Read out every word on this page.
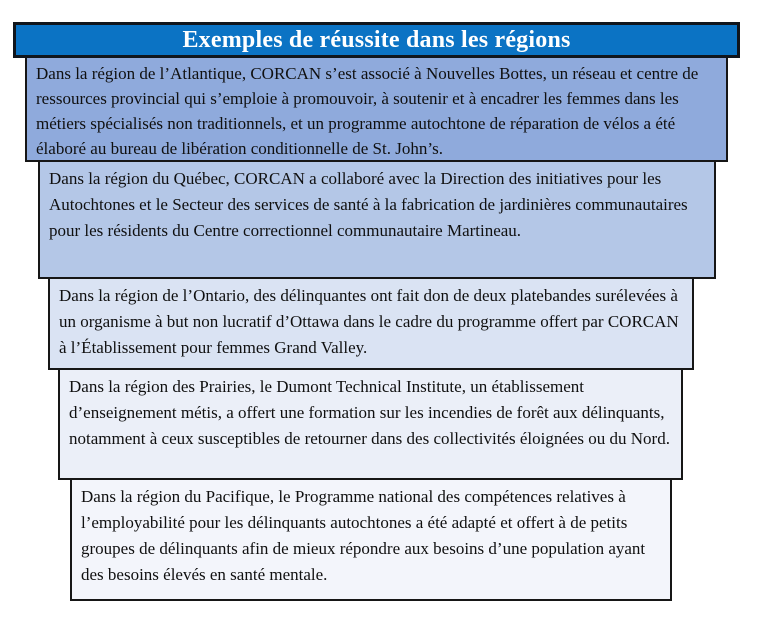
Exemples de réussite dans les régions
Dans la région de l’Atlantique, CORCAN s’est associé à Nouvelles Bottes, un réseau et centre de ressources provincial qui s’emploie à promouvoir, à soutenir et à encadrer les femmes dans les métiers spécialisés non traditionnels, et un programme autochtone de réparation de vélos a été élaboré au bureau de libération conditionnelle de St. John’s.
Dans la région du Québec, CORCAN a collaboré avec la Direction des initiatives pour les Autochtones et le Secteur des services de santé à la fabrication de jardinières communautaires pour les résidents du Centre correctionnel communautaire Martineau.
Dans la région de l’Ontario, des délinquantes ont fait don de deux platebandes surélevées à un organisme à but non lucratif d’Ottawa dans le cadre du programme offert par CORCAN à l’Établissement pour femmes Grand Valley.
Dans la région des Prairies, le Dumont Technical Institute, un établissement d’enseignement métis, a offert une formation sur les incendies de forêt aux délinquants, notamment à ceux susceptibles de retourner dans des collectivités éloignées ou du Nord.
Dans la région du Pacifique, le Programme national des compétences relatives à l’employabilité pour les délinquants autochtones a été adapté et offert à de petits groupes de délinquants afin de mieux répondre aux besoins d’une population ayant des besoins élevés en santé mentale.
